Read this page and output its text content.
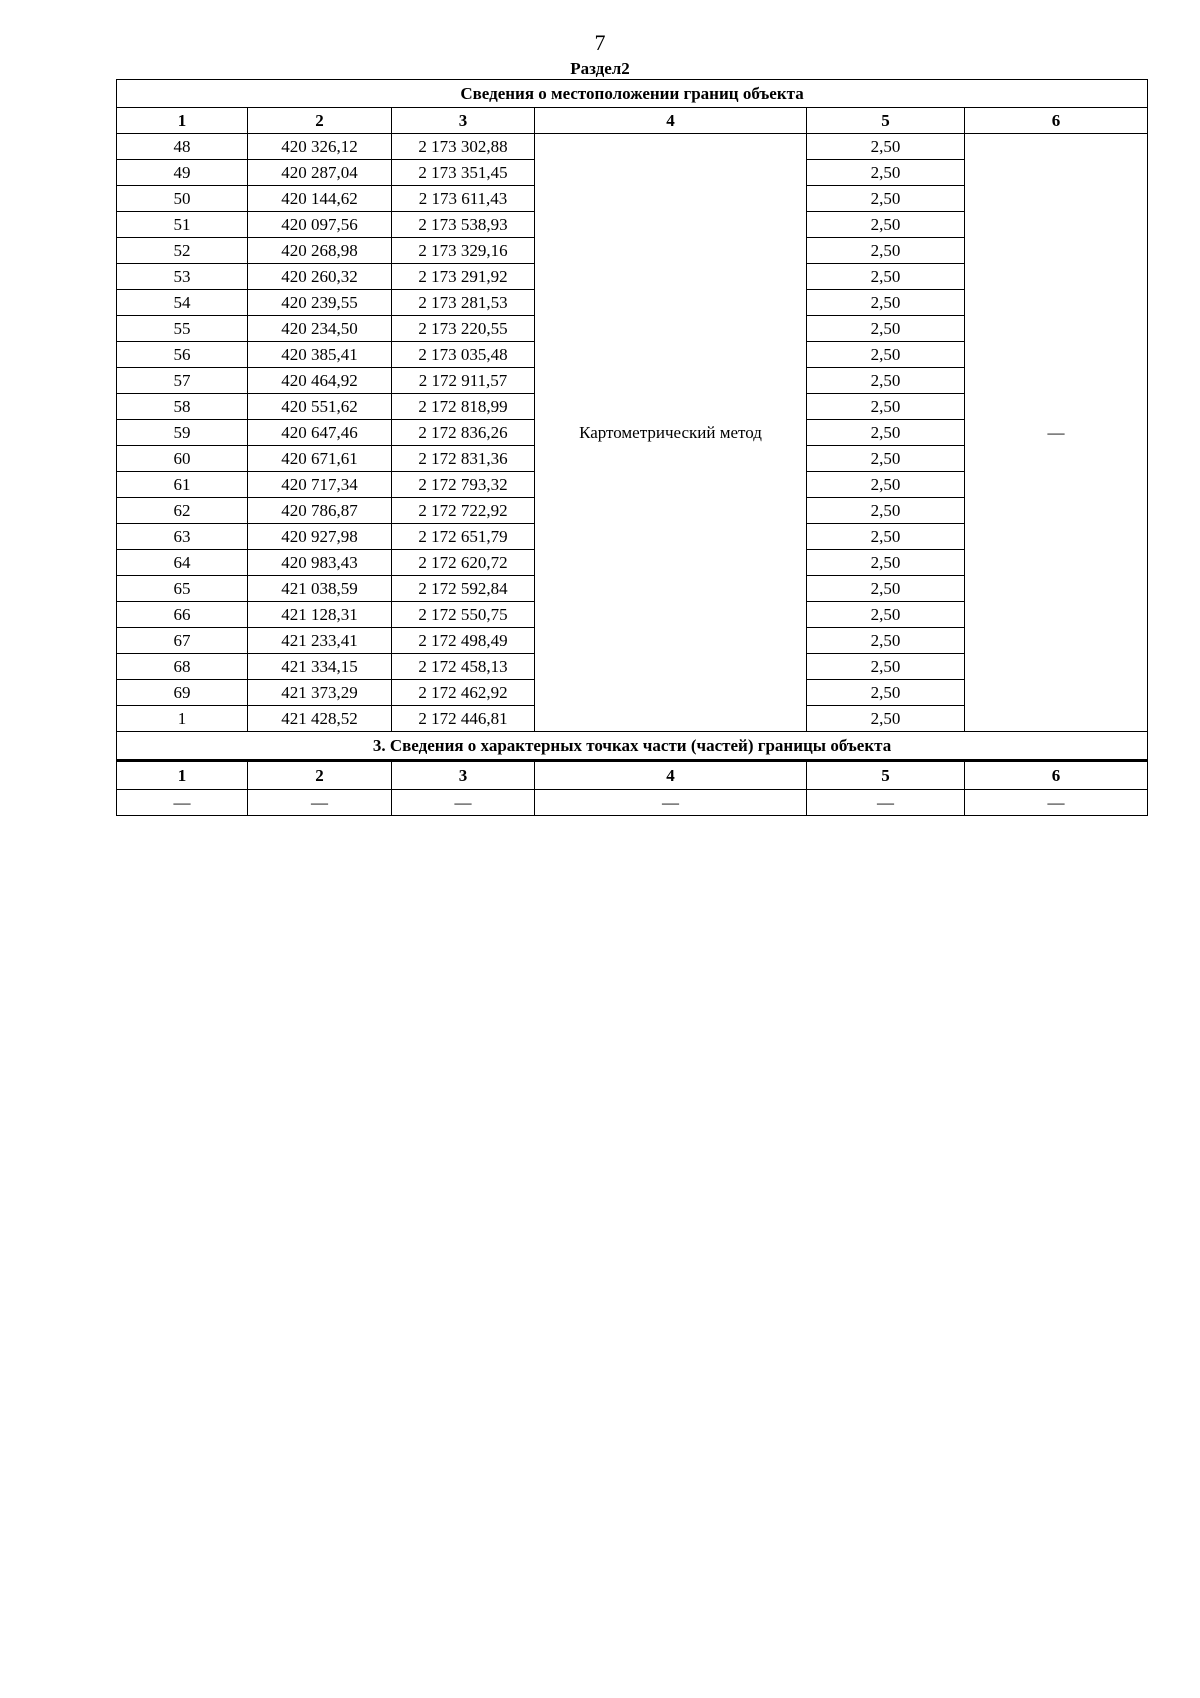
7
Раздел2
Сведения о местоположении границ объекта					
1	2	3	4	5	6
48	420 326,12	2 173 302,88	Картометрический метод	2,50	—
49	420 287,04	2 173 351,45		2,50	
50	420 144,62	2 173 611,43		2,50	
51	420 097,56	2 173 538,93		2,50	
52	420 268,98	2 173 329,16		2,50	
53	420 260,32	2 173 291,92		2,50	
54	420 239,55	2 173 281,53		2,50	
55	420 234,50	2 173 220,55		2,50	
56	420 385,41	2 173 035,48		2,50	
57	420 464,92	2 172 911,57		2,50	
58	420 551,62	2 172 818,99		2,50	
59	420 647,46	2 172 836,26		2,50	
60	420 671,61	2 172 831,36		2,50	
61	420 717,34	2 172 793,32		2,50	
62	420 786,87	2 172 722,92		2,50	
63	420 927,98	2 172 651,79		2,50	
64	420 983,43	2 172 620,72		2,50	
65	421 038,59	2 172 592,84		2,50	
66	421 128,31	2 172 550,75		2,50	
67	421 233,41	2 172 498,49		2,50	
68	421 334,15	2 172 458,13		2,50	
69	421 373,29	2 172 462,92		2,50	
1	421 428,52	2 172 446,81		2,50	
3. Сведения о характерных точках части (частей) границы объекта					
1	2	3	4	5	6
—	—	—	—	—	—
